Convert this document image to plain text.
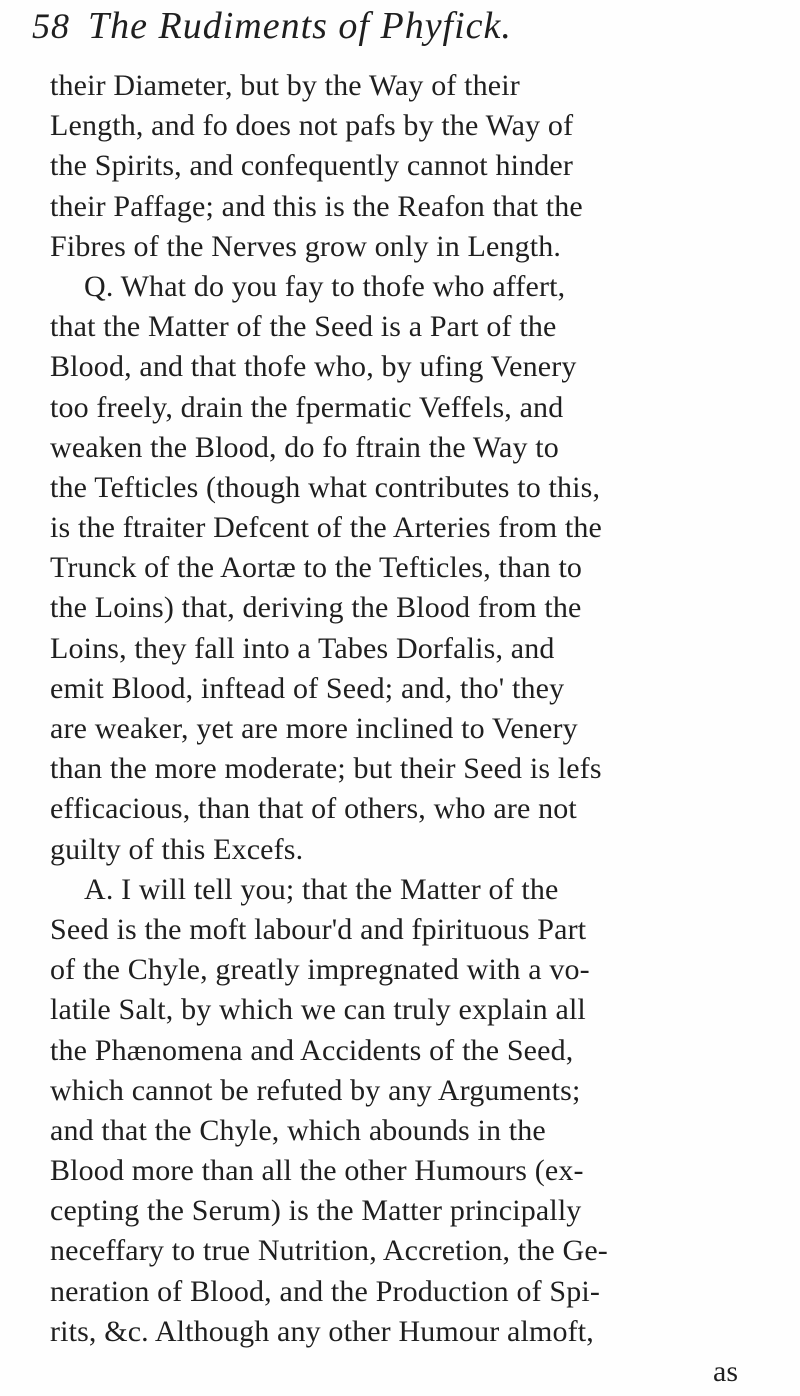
58 The Rudiments of Phyfick.
their Diameter, but by the Way of their
Length, and fo does not pafs by the Way of
the Spirits, and confequently cannot hinder
their Paffage; and this is the Reafon that the
Fibres of the Nerves grow only in Length.
Q. What do you fay to thofe who affert,
that the Matter of the Seed is a Part of the
Blood, and that thofe who, by ufing Venery
too freely, drain the fpermatic Veffels, and
weaken the Blood, do fo ftrain the Way to
the Tefticles (though what contributes to this,
is the ftraiter Defcent of the Arteries from the
Trunck of the Aortæ to the Tefticles, than to
the Loins) that, deriving the Blood from the
Loins, they fall into a Tabes Dorfalis, and
emit Blood, inftead of Seed; and, tho' they
are weaker, yet are more inclined to Venery
than the more moderate; but their Seed is lefs
efficacious, than that of others, who are not
guilty of this Excefs.
A. I will tell you; that the Matter of the
Seed is the moft labour'd and fpirituous Part
of the Chyle, greatly impregnated with a vo-
latile Salt, by which we can truly explain all
the Phænomena and Accidents of the Seed,
which cannot be refuted by any Arguments;
and that the Chyle, which abounds in the
Blood more than all the other Humours (ex-
cepting the Serum) is the Matter principally
neceffary to true Nutrition, Accretion, the Ge-
neration of Blood, and the Production of Spi-
rits, &c. Although any other Humour almoft,
as
